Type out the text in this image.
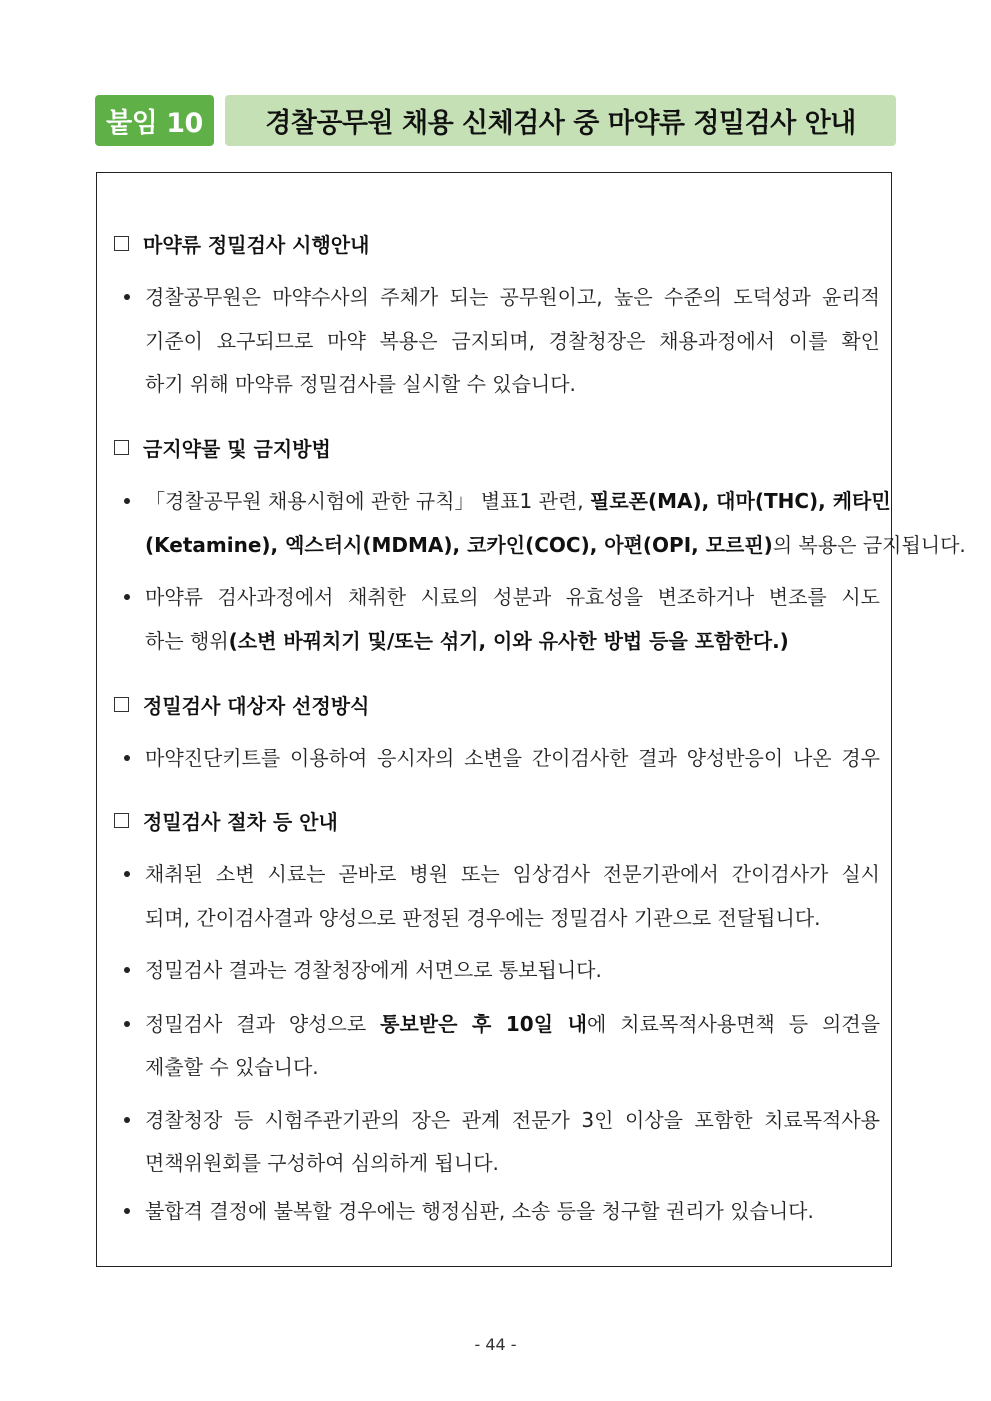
붙임 10	경찰공무원 채용 신체검사 중 마약류 정밀검사 안내
마약류 정밀검사 시행안내
경찰공무원은 마약수사의 주체가 되는 공무원이고, 높은 수준의 도덕성과 윤리적
기준이 요구되므로 마약 복용은 금지되며, 경찰청장은 채용과정에서 이를 확인
하기 위해 마약류 정밀검사를 실시할 수 있습니다.
금지약물 및 금지방법
「경찰공무원 채용시험에 관한 규칙」 별표1 관련, 필로폰(MA), 대마(THC), 케타민
(Ketamine), 엑스터시(MDMA), 코카인(COC), 아편(OPI, 모르핀)의 복용은 금지됩니다.
마약류 검사과정에서 채취한 시료의 성분과 유효성을 변조하거나 변조를 시도
하는 행위(소변 바꿔치기 및/또는 섞기, 이와 유사한 방법 등을 포함한다.)
정밀검사 대상자 선정방식
마약진단키트를 이용하여 응시자의 소변을 간이검사한 결과 양성반응이 나온 경우
정밀검사 절차 등 안내
채취된 소변 시료는 곧바로 병원 또는 임상검사 전문기관에서 간이검사가 실시
되며, 간이검사결과 양성으로 판정된 경우에는 정밀검사 기관으로 전달됩니다.
정밀검사 결과는 경찰청장에게 서면으로 통보됩니다.
정밀검사 결과 양성으로 통보받은 후 10일 내에 치료목적사용면책 등 의견을
제출할 수 있습니다.
경찰청장 등 시험주관기관의 장은 관계 전문가 3인 이상을 포함한 치료목적사용
면책위원회를 구성하여 심의하게 됩니다.
불합격 결정에 불복할 경우에는 행정심판, 소송 등을 청구할 권리가 있습니다.
- 44 -
